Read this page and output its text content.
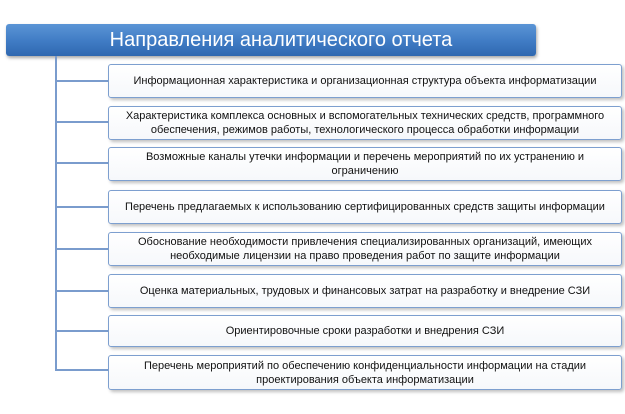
Направления аналитического отчета
Информационная характеристика и организационная структура объекта информатизации
Характеристика комплекса основных и вспомогательных технических средств, программного обеспечения, режимов работы, технологического процесса обработки информации
Возможные каналы утечки информации и перечень мероприятий по их устранению и ограничению
Перечень предлагаемых к использованию сертифицированных средств защиты информации
Обоснование необходимости привлечения специализированных организаций, имеющих необходимые лицензии на право проведения работ по защите информации
Оценка материальных, трудовых и финансовых затрат на разработку и внедрение СЗИ
Ориентировочные сроки разработки и внедрения СЗИ
Перечень мероприятий по обеспечению конфиденциальности информации на стадии проектирования объекта информатизации
